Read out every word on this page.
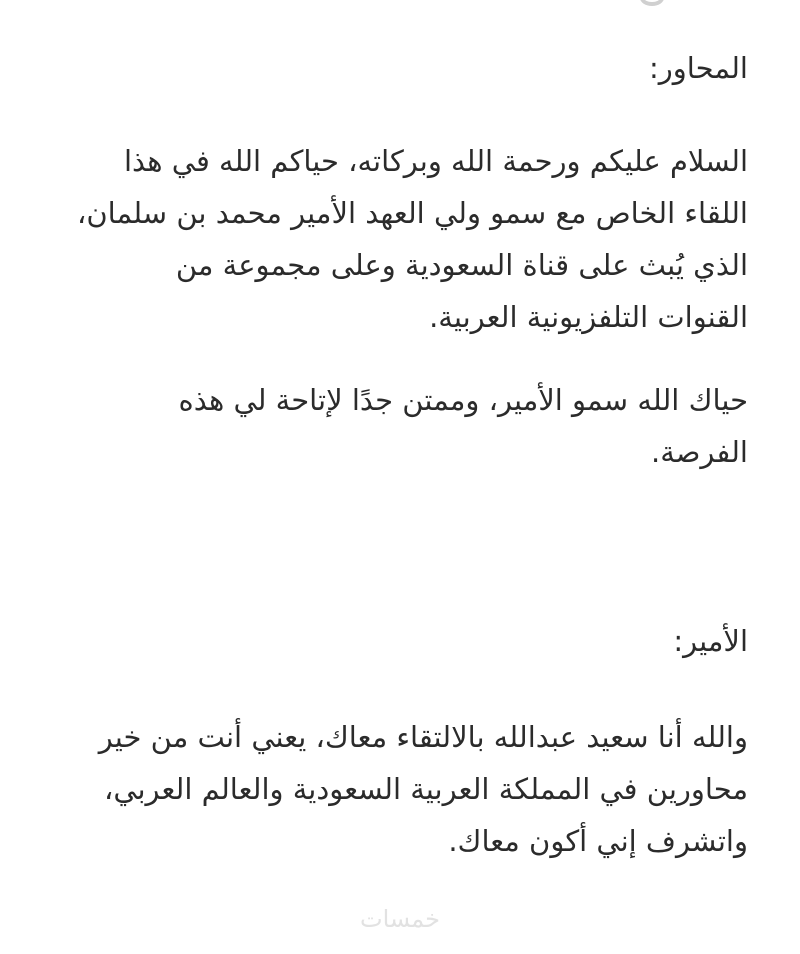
المحاور:

السلام عليكم ورحمة الله وبركاته، حياكم الله في هذا
اللقاء الخاص مع سمو ولي العهد الأمير محمد بن سلمان،
الذي يُبث على قناة السعودية وعلى مجموعة من
القنوات التلفزيونية العربية.

حياك الله سمو الأمير، وممتن جدًا لإتاحة لي هذه
الفرصة.

الأمير:

والله أنا سعيد عبدالله بالالتقاء معاك، يعني أنت من خير
محاورين في المملكة العربية السعودية والعالم العربي،
واتشرف إني أكون معاك.

خمسات
